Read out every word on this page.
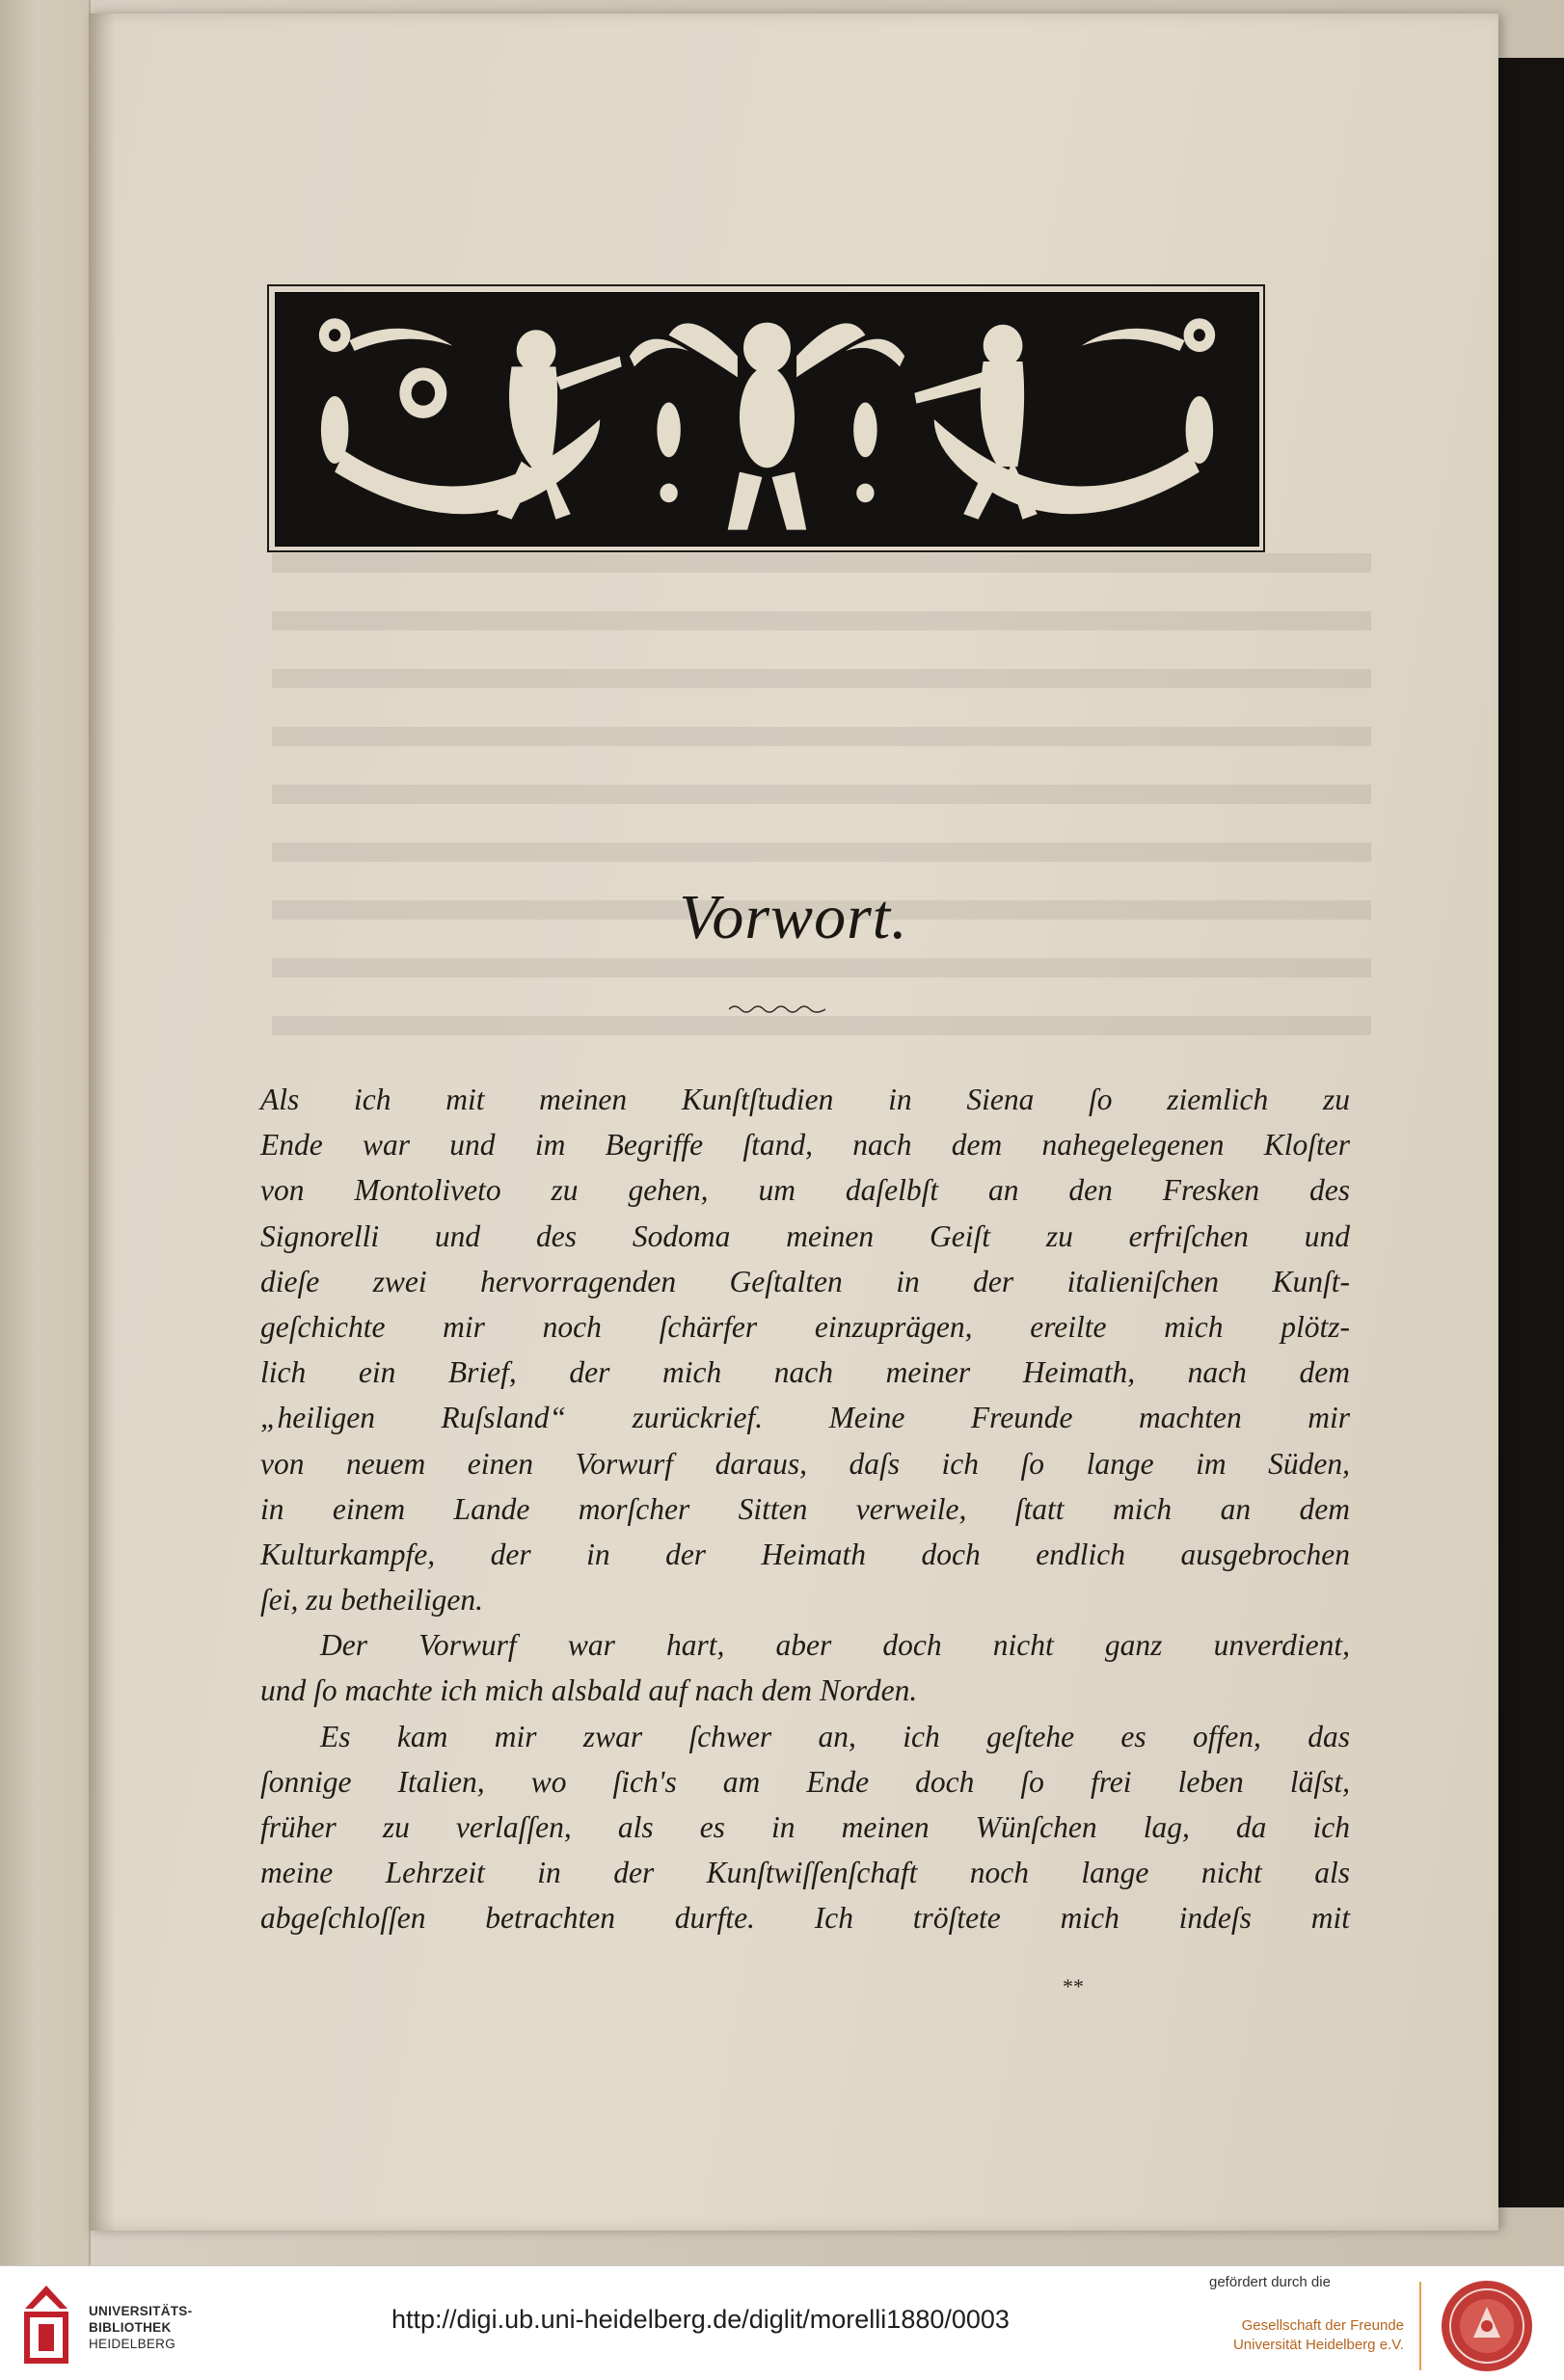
Vorwort.
Als ich mit meinen Kunſtſtudien in Siena ſo ziemlich zu
Ende war und im Begriffe ſtand, nach dem nahegelegenen Kloſter
von Montoliveto zu gehen, um daſelbſt an den Fresken des
Signorelli und des Sodoma meinen Geiſt zu erfriſchen und
dieſe zwei hervorragenden Geſtalten in der italieniſchen Kunſt-
geſchichte mir noch ſchärfer einzuprägen, ereilte mich plötz-
lich ein Brief, der mich nach meiner Heimath, nach dem
„heiligen Ruſsland“ zurückrief. Meine Freunde machten mir
von neuem einen Vorwurf daraus, daſs ich ſo lange im Süden,
in einem Lande morſcher Sitten verweile, ſtatt mich an dem
Kulturkampfe, der in der Heimath doch endlich ausgebrochen
ſei, zu betheiligen.
Der Vorwurf war hart, aber doch nicht ganz unverdient,
und ſo machte ich mich alsbald auf nach dem Norden.
Es kam mir zwar ſchwer an, ich geſtehe es offen, das
ſonnige Italien, wo ſich's am Ende doch ſo frei leben läſst,
früher zu verlaſſen, als es in meinen Wünſchen lag, da ich
meine Lehrzeit in der Kunſtwiſſenſchaft noch lange nicht als
abgeſchloſſen betrachten durfte. Ich tröſtete mich indeſs mit
**
UNIVERSITÄTS-
BIBLIOTHEK
HEIDELBERG
http://digi.ub.uni-heidelberg.de/diglit/morelli1880/0003
gefördert durch die
Gesellschaft der Freunde
Universität Heidelberg e.V.
